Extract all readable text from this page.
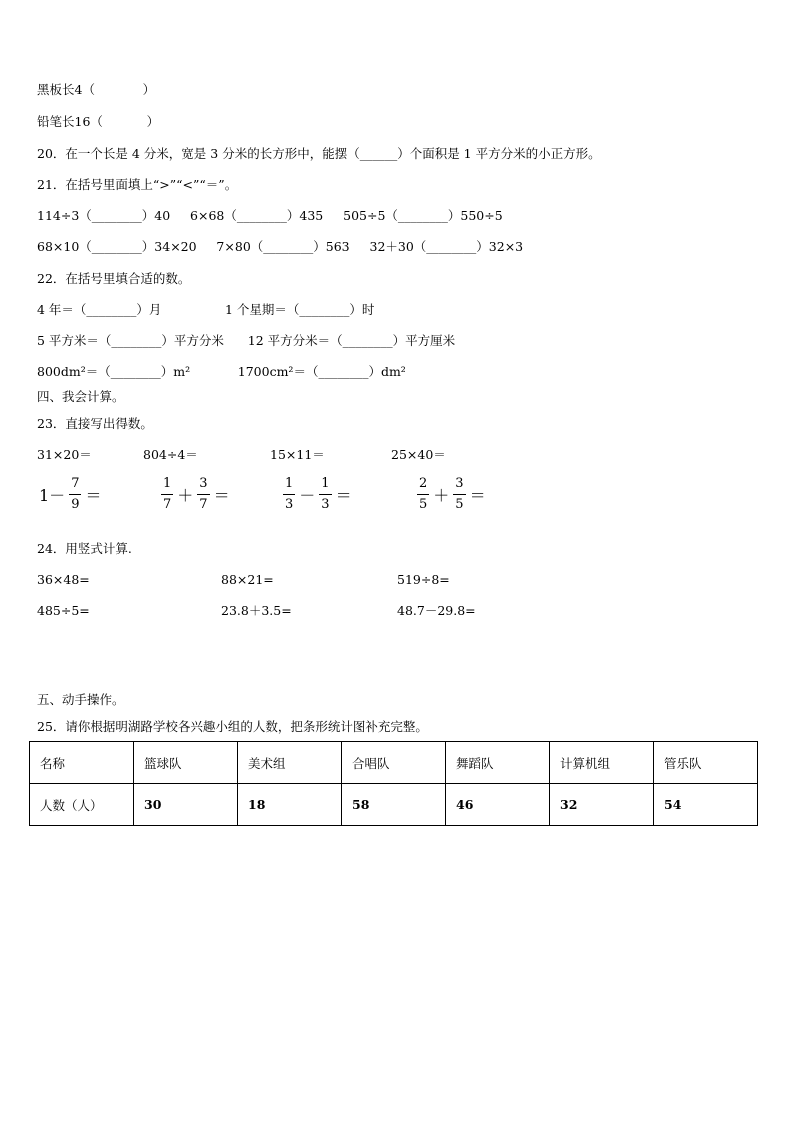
黑板长4（            ）
铅笔长16（           ）
20．在一个长是 4 分米，宽是 3 分米的长方形中，能摆（______）个面积是 1 平方分米的小正方形。
21．在括号里面填上“>”“<”“＝”。
114÷3（________）40     6×68（________）435     505÷5（________）550÷5
68×10（________）34×20     7×80（________）563     32＋30（________）32×3
22．在括号里填合适的数。
4 年＝（________）月                1 个星期＝（________）时
5 平方米＝（________）平方分米      12 平方分米＝（________）平方厘米
800dm²＝（________）m²            1700cm²＝（________）dm²
四、我会计算。
23．直接写出得数。
31×20＝	804÷4＝	15×11＝	25×40＝
$1- \frac{7}{9}$ ＝	$\frac{1}{7} + \frac{3}{7}$ ＝	$\frac{1}{3} - \frac{1}{3}$ ＝	$\frac{2}{5} + \frac{3}{5}$ ＝
24．用竖式计算.
36×48=	88×21=	519÷8=
485÷5=	23.8＋3.5=	48.7－29.8=
五、动手操作。
25．请你根据明湖路学校各兴趣小组的人数，把条形统计图补充完整。
名称	篮球队	美术组	合唱队	舞蹈队	计算机组	管乐队
人数（人）	30	18	58	46	32	54
